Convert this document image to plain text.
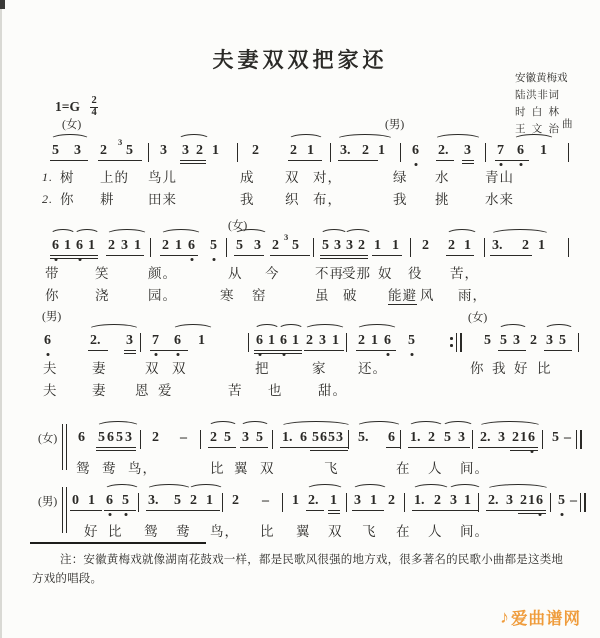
夫妻双双把家还
安 徽 黄 梅 戏
陆 洪 非 词
时 白 林
王 文 治 曲
$1=G \frac{2}{4}$
(女)	(男)
5 3 2 5
3
3 3 2 1 2 2 1 3. 2 1 6 2. 3 7 6 1
1. 树 上的 鸟儿	成 双 对，	绿 水	青山
2. 你 耕 田来	我 织 布，	我 挑	水来
(女)
6 1 6 1 2 3 1 2 1 6 5 5 3 2 5
3
5 3 3 2 1 1 2 2 1 3. 2 1
带	笑	颜。	从 今	不再
受那 奴 役 苦，
你	浇	园。	寒 窑	虽 破 能避 风 雨，
(男)	(女)
6	2. 3 7 6 1	6 1 6 1 2 3 1 2 1 6 5	5 5 3 2 3 5
夫	妻	双 双	把	家 还。	你 我 好 比
夫	妻 恩 爱	苦 也	甜。
(女) 6 5 6 5 3 2 – 2 5 3 5 1. 6 5 6 5 3 5. 6 1. 2 5 3 2. 3 2 1 6 5 –
鸳 鸯 鸟，	比 翼 双	飞	在 人 间。
(男) 0 1 6 5 3. 5 2 1 2 – 1 2. 1 3 1 2 1. 2 3 1 2. 3 2 1 6 5 –
好 比 鸳 鸯 鸟， 比 翼 双 飞 在 人 间。
注：安徽黄梅戏就像湖南花鼓戏一样，都是民歌风很强的地方戏，很多著名的民歌小曲都是这类地
方戏的唱段。
♪ 爱曲谱网
